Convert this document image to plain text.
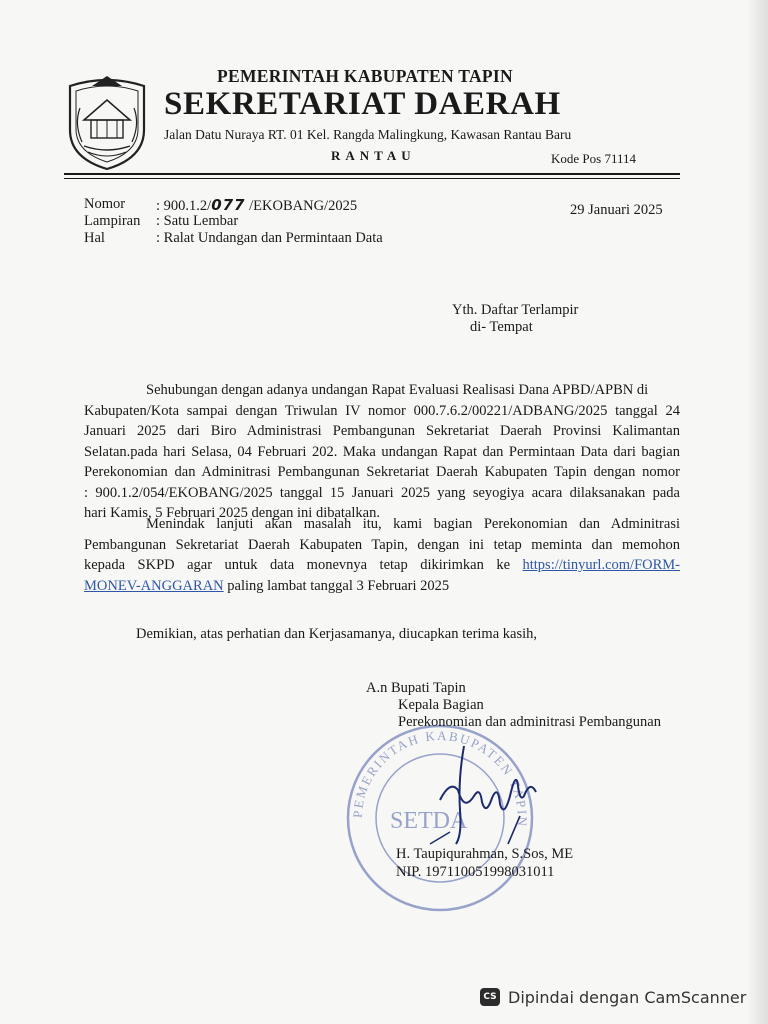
PEMERINTAH KABUPATEN TAPIN
SEKRETARIAT DAERAH
Jalan Datu Nuraya RT. 01 Kel. Rangda Malingkung, Kawasan Rantau Baru
RANTAU	Kode Pos 71114
Nomor : 900.1.2/077 /EKOBANG/2025
Lampiran : Satu Lembar
Hal	: Ralat Undangan dan Permintaan Data
29 Januari 2025
Yth. Daftar Terlampir
di- Tempat
Sehubungan dengan adanya undangan Rapat Evaluasi Realisasi Dana APBD/APBN di
Kabupaten/Kota sampai dengan Triwulan IV nomor 000.7.6.2/00221/ADBANG/2025 tanggal 24
Januari 2025 dari Biro Administrasi Pembangunan Sekretariat Daerah Provinsi Kalimantan
Selatan.pada hari Selasa, 04 Februari 202. Maka undangan Rapat dan Permintaan Data dari bagian
Perekonomian dan Adminitrasi Pembangunan Sekretariat Daerah Kabupaten Tapin dengan nomor
: 900.1.2/054/EKOBANG/2025 tanggal 15 Januari 2025 yang seyogiya acara dilaksanakan pada
hari Kamis, 5 Februari 2025 dengan ini dibatalkan.
Menindak lanjuti akan masalah itu, kami bagian Perekonomian dan Adminitrasi
Pembangunan Sekretariat Daerah Kabupaten Tapin, dengan ini tetap meminta dan memohon
kepada SKPD agar untuk data monevnya tetap dikirimkan ke https://tinyurl.com/FORM-
MONEV-ANGGARAN paling lambat tanggal 3 Februari 2025
Demikian, atas perhatian dan Kerjasamanya, diucapkan terima kasih,
PEMERINTAH KABUPATEN TAPIN
SETDA
A.n Bupati Tapin
Kepala Bagian
Perekonomian dan adminitrasi Pembangunan
H. Taupiqurahman, S.Sos, ME
NIP. 197110051998031011
CS Dipindai dengan CamScanner
